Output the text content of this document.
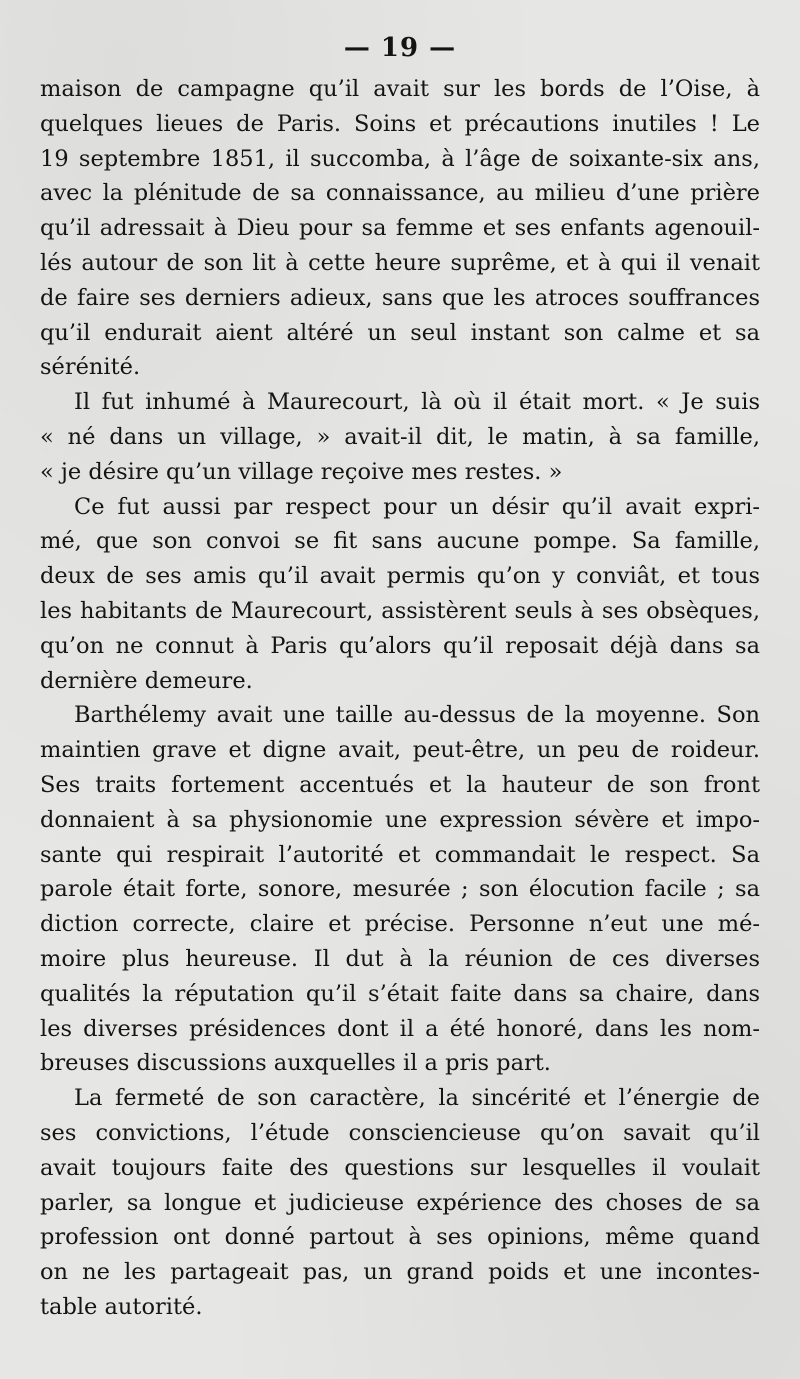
— 19 —
maison de campagne qu’il avait sur les bords de l’Oise, à
quelques lieues de Paris. Soins et précautions inutiles ! Le
19 septembre 1851, il succomba, à l’âge de soixante-six ans,
avec la plénitude de sa connaissance, au milieu d’une prière
qu’il adressait à Dieu pour sa femme et ses enfants agenouil-
lés autour de son lit à cette heure suprême, et à qui il venait
de faire ses derniers adieux, sans que les atroces souffrances
qu’il endurait aient altéré un seul instant son calme et sa
sérénité.
Il fut inhumé à Maurecourt, là où il était mort. « Je suis
« né dans un village, » avait-il dit, le matin, à sa famille,
« je désire qu’un village reçoive mes restes. »
Ce fut aussi par respect pour un désir qu’il avait expri-
mé, que son convoi se fit sans aucune pompe. Sa famille,
deux de ses amis qu’il avait permis qu’on y conviât, et tous
les habitants de Maurecourt, assistèrent seuls à ses obsèques,
qu’on ne connut à Paris qu’alors qu’il reposait déjà dans sa
dernière demeure.
Barthélemy avait une taille au-dessus de la moyenne. Son
maintien grave et digne avait, peut-être, un peu de roideur.
Ses traits fortement accentués et la hauteur de son front
donnaient à sa physionomie une expression sévère et impo-
sante qui respirait l’autorité et commandait le respect. Sa
parole était forte, sonore, mesurée ; son élocution facile ; sa
diction correcte, claire et précise. Personne n’eut une mé-
moire plus heureuse. Il dut à la réunion de ces diverses
qualités la réputation qu’il s’était faite dans sa chaire, dans
les diverses présidences dont il a été honoré, dans les nom-
breuses discussions auxquelles il a pris part.
La fermeté de son caractère, la sincérité et l’énergie de
ses convictions, l’étude consciencieuse qu’on savait qu’il
avait toujours faite des questions sur lesquelles il voulait
parler, sa longue et judicieuse expérience des choses de sa
profession ont donné partout à ses opinions, même quand
on ne les partageait pas, un grand poids et une incontes-
table autorité.
